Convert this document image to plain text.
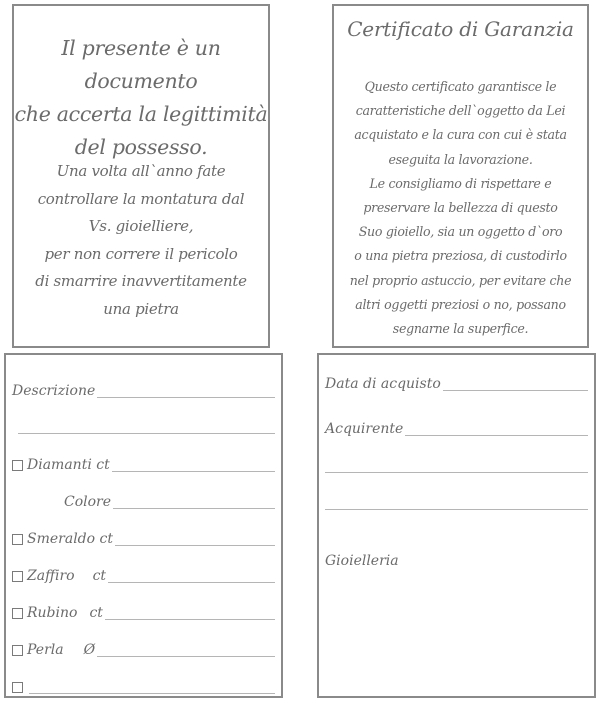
Il presente è un documento
che accerta la legittimità
del possesso.
Una volta all`anno fate
controllare la montatura dal
Vs. gioielliere,
per non correre il pericolo
di smarrire inavvertitamente
una pietra
Certificato di Garanzia
Questo certificato garantisce le
caratteristiche dell`oggetto da Lei
acquistato e la cura con cui è stata
eseguita la lavorazione.
Le consigliamo di rispettare e
preservare la bellezza di questo
Suo gioiello, sia un oggetto d`oro
o una pietra preziosa, di custodirlo
nel proprio astuccio, per evitare che
altri oggetti preziosi o no, possano
segnarne la superfice.
Descrizione
Diamanti ct
Colore
Smeraldo ct
Zaffiro ct
Rubino ct
Perla Ø
Data di acquisto
Acquirente
Gioielleria
